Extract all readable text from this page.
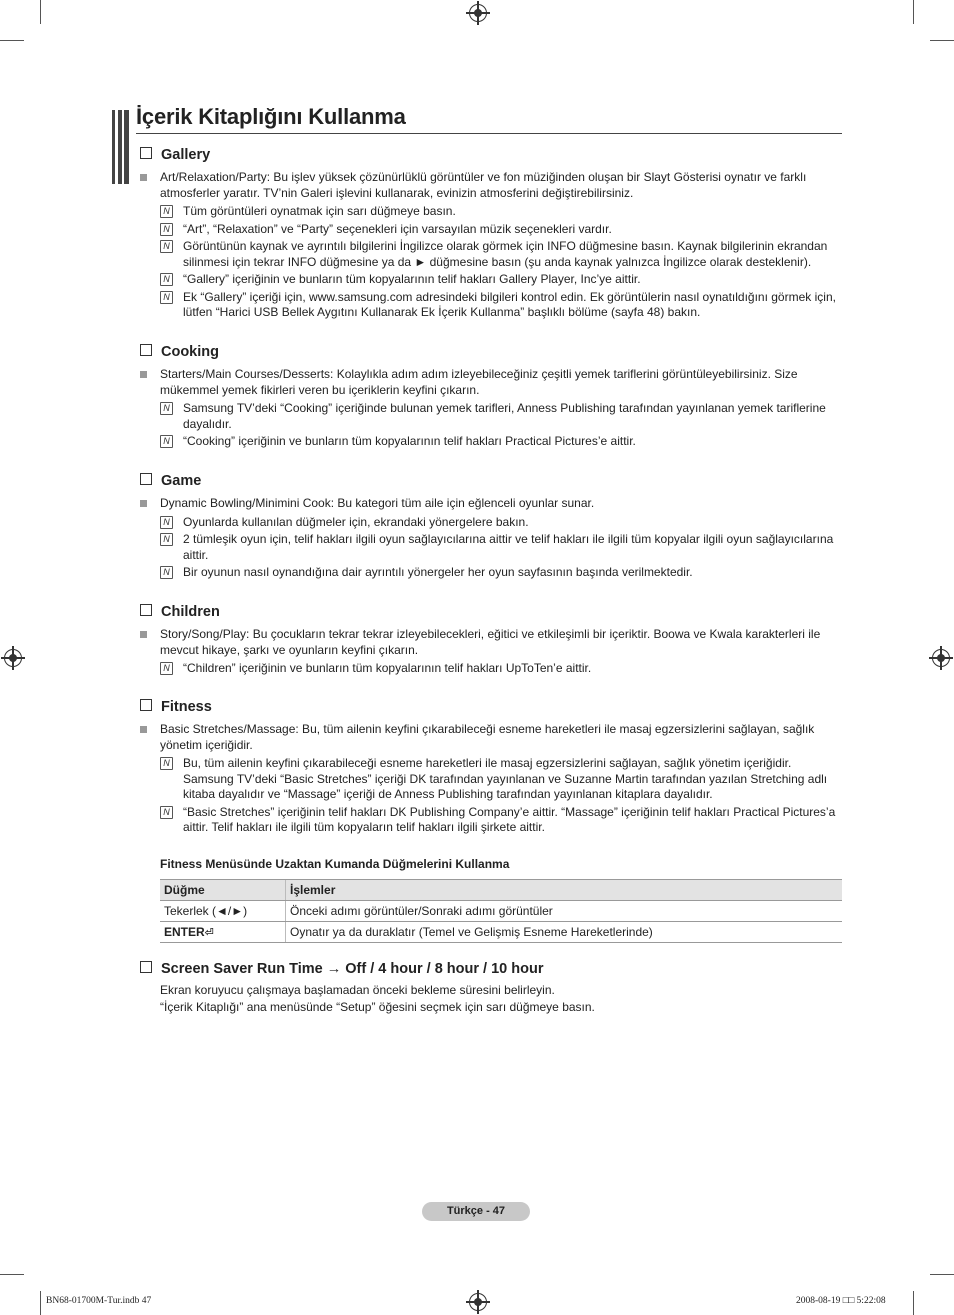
İçerik Kitaplığını Kullanma
Gallery
Art/Relaxation/Party: Bu işlev yüksek çözünürlüklü görüntüler ve fon müziğinden oluşan bir Slayt Gösterisi oynatır ve farklı atmosferler yaratır. TV’nin Galeri işlevini kullanarak, evinizin atmosferini değiştirebilirsiniz.
N Tüm görüntüleri oynatmak için sarı düğmeye basın.
N “Art”, “Relaxation” ve “Party” seçenekleri için varsayılan müzik seçenekleri vardır.
N Görüntünün kaynak ve ayrıntılı bilgilerini İngilizce olarak görmek için INFO düğmesine basın. Kaynak bilgilerinin ekrandan silinmesi için tekrar INFO düğmesine ya da ► düğmesine basın (şu anda kaynak yalnızca İngilizce olarak desteklenir).
N “Gallery” içeriğinin ve bunların tüm kopyalarının telif hakları Gallery Player, Inc’ye aittir.
N Ek “Gallery” içeriği için, www.samsung.com adresindeki bilgileri kontrol edin. Ek görüntülerin nasıl oynatıldığını görmek için, lütfen “Harici USB Bellek Aygıtını Kullanarak Ek İçerik Kullanma” başlıklı bölüme (sayfa 48) bakın.
Cooking
Starters/Main Courses/Desserts: Kolaylıkla adım adım izleyebileceğiniz çeşitli yemek tariflerini görüntüleyebilirsiniz. Size mükemmel yemek fikirleri veren bu içeriklerin keyfini çıkarın.
N Samsung TV’deki “Cooking” içeriğinde bulunan yemek tarifleri, Anness Publishing tarafından yayınlanan yemek tariflerine dayalıdır.
N “Cooking” içeriğinin ve bunların tüm kopyalarının telif hakları Practical Pictures’e aittir.
Game
Dynamic Bowling/Minimini Cook: Bu kategori tüm aile için eğlenceli oyunlar sunar.
N Oyunlarda kullanılan düğmeler için, ekrandaki yönergelere bakın.
N 2 tümleşik oyun için, telif hakları ilgili oyun sağlayıcılarına aittir ve telif hakları ile ilgili tüm kopyalar ilgili oyun sağlayıcılarına aittir.
N Bir oyunun nasıl oynandığına dair ayrıntılı yönergeler her oyun sayfasının başında verilmektedir.
Children
Story/Song/Play: Bu çocukların tekrar tekrar izleyebilecekleri, eğitici ve etkileşimli bir içeriktir. Boowa ve Kwala karakterleri ile mevcut hikaye, şarkı ve oyunların keyfini çıkarın.
N “Children” içeriğinin ve bunların tüm kopyalarının telif hakları UpToTen’e aittir.
Fitness
Basic Stretches/Massage: Bu, tüm ailenin keyfini çıkarabileceği esneme hareketleri ile masaj egzersizlerini sağlayan, sağlık yönetim içeriğidir.
N Bu, tüm ailenin keyfini çıkarabileceği esneme hareketleri ile masaj egzersizlerini sağlayan, sağlık yönetim içeriğidir. Samsung TV’deki “Basic Stretches” içeriği DK tarafından yayınlanan ve Suzanne Martin tarafından yazılan Stretching adlı kitaba dayalıdır ve “Massage” içeriği de Anness Publishing tarafından yayınlanan kitaplara dayalıdır.
N “Basic Stretches” içeriğinin telif hakları DK Publishing Company’e aittir. “Massage” içeriğinin telif hakları Practical Pictures’a aittir. Telif hakları ile ilgili tüm kopyaların telif hakları ilgili şirkete aittir.
Fitness Menüsünde Uzaktan Kumanda Düğmelerini Kullanma
Düğme	İşlemler
Tekerlek (◄/►)	Önceki adımı görüntüler/Sonraki adımı görüntüler
ENTER⏎	Oynatır ya da duraklatır (Temel ve Gelişmiş Esneme Hareketlerinde)
Screen Saver Run Time → Off / 4 hour / 8 hour / 10 hour
Ekran koruyucu çalışmaya başlamadan önceki bekleme süresini belirleyin.
“İçerik Kitaplığı” ana menüsünde “Setup” öğesini seçmek için sarı düğmeye basın.
Türkçe - 47
BN68-01700M-Tur.indb 47	2008-08-19 □□ 5:22:08
